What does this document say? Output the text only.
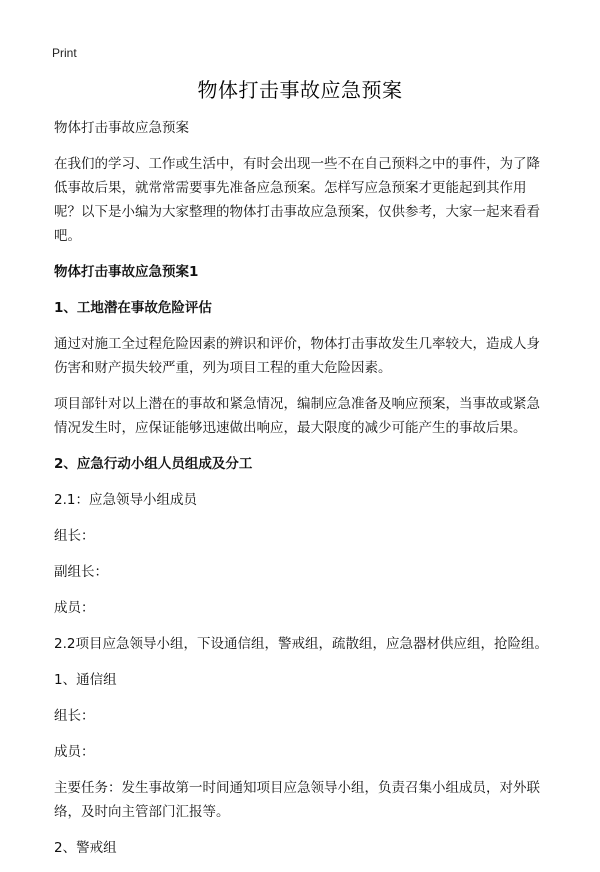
Print
物体打击事故应急预案

物体打击事故应急预案

在我们的学习、工作或生活中，有时会出现一些不在自己预料之中的事件，为了降低事故后果，就常常需要事先准备应急预案。怎样写应急预案才更能起到其作用呢？以下是小编为大家整理的物体打击事故应急预案，仅供参考，大家一起来看看吧。

物体打击事故应急预案1

1、工地潜在事故危险评估

通过对施工全过程危险因素的辨识和评价，物体打击事故发生几率较大，造成人身伤害和财产损失较严重，列为项目工程的重大危险因素。

项目部针对以上潜在的事故和紧急情况，编制应急准备及响应预案，当事故或紧急情况发生时，应保证能够迅速做出响应，最大限度的减少可能产生的事故后果。

2、应急行动小组人员组成及分工

2.1：应急领导小组成员

组长：

副组长：

成员：

2.2项目应急领导小组，下设通信组，警戒组，疏散组，应急器材供应组，抢险组。

1、通信组

组长：

成员：

主要任务：发生事故第一时间通知项目应急领导小组，负责召集小组成员，对外联络，及时向主管部门汇报等。

2、警戒组
